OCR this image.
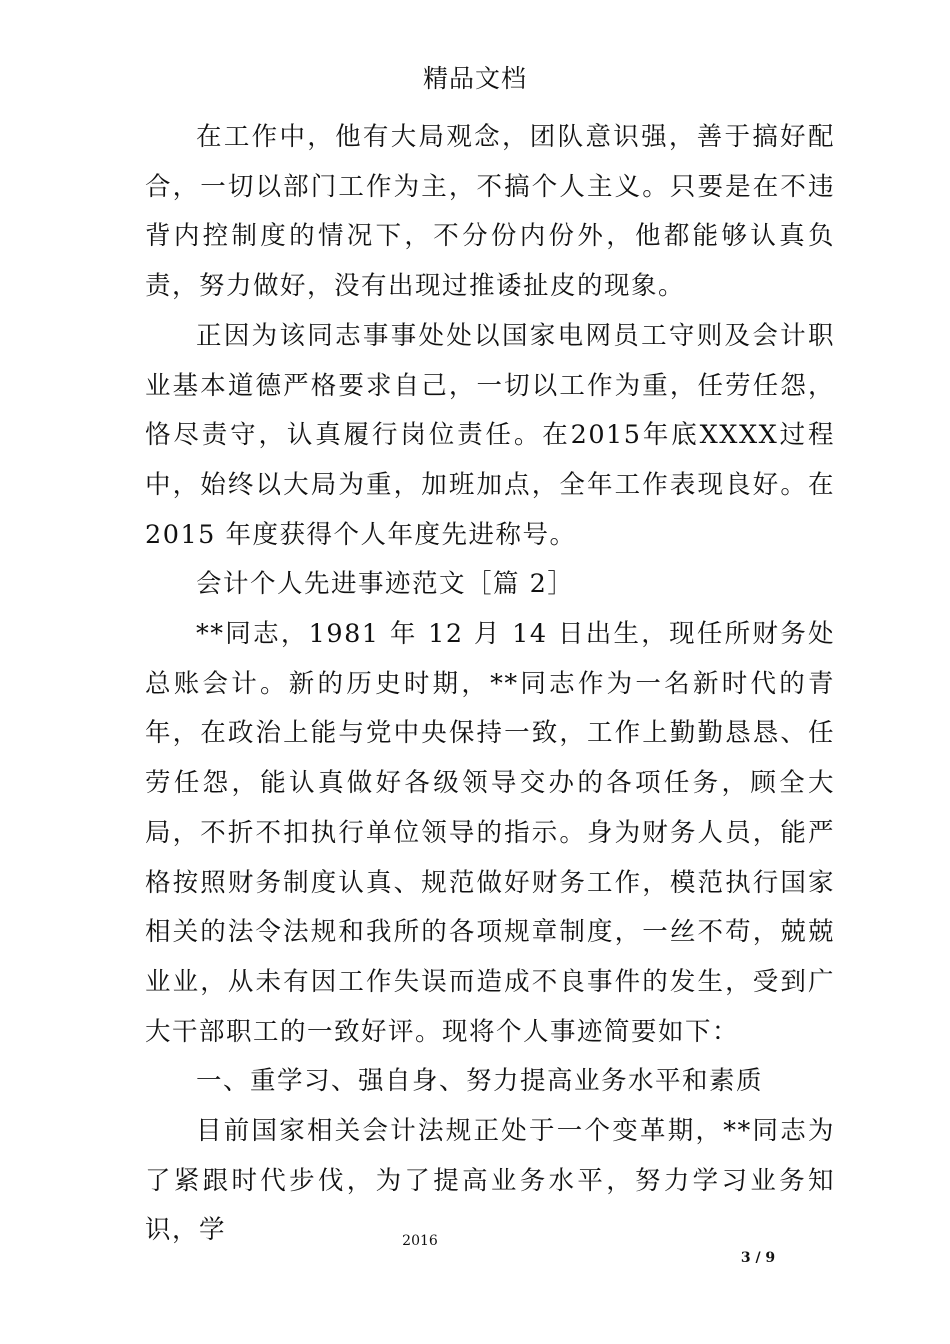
精品文档

在工作中，他有大局观念，团队意识强，善于搞好配合，一切以部门工作为主，不搞个人主义。只要是在不违背内控制度的情况下，不分份内份外，他都能够认真负责，努力做好，没有出现过推诿扯皮的现象。

正因为该同志事事处处以国家电网员工守则及会计职业基本道德严格要求自己，一切以工作为重，任劳任怨，恪尽责守，认真履行岗位责任。在2015年底XXXX过程中，始终以大局为重，加班加点，全年工作表现良好。在 2015 年度获得个人年度先进称号。

会计个人先进事迹范文［篇 2］

**同志，1981 年 12 月 14 日出生，现任所财务处总账会计。新的历史时期，**同志作为一名新时代的青年，在政治上能与党中央保持一致，工作上勤勤恳恳、任劳任怨，能认真做好各级领导交办的各项任务，顾全大局，不折不扣执行单位领导的指示。身为财务人员，能严格按照财务制度认真、规范做好财务工作，模范执行国家相关的法令法规和我所的各项规章制度，一丝不苟，兢兢业业，从未有因工作失误而造成不良事件的发生，受到广大干部职工的一致好评。现将个人事迹简要如下：

一、重学习、强自身、努力提高业务水平和素质

目前国家相关会计法规正处于一个变革期，**同志为了紧跟时代步伐，为了提高业务水平，努力学习业务知识，学	2016
3 / 9
